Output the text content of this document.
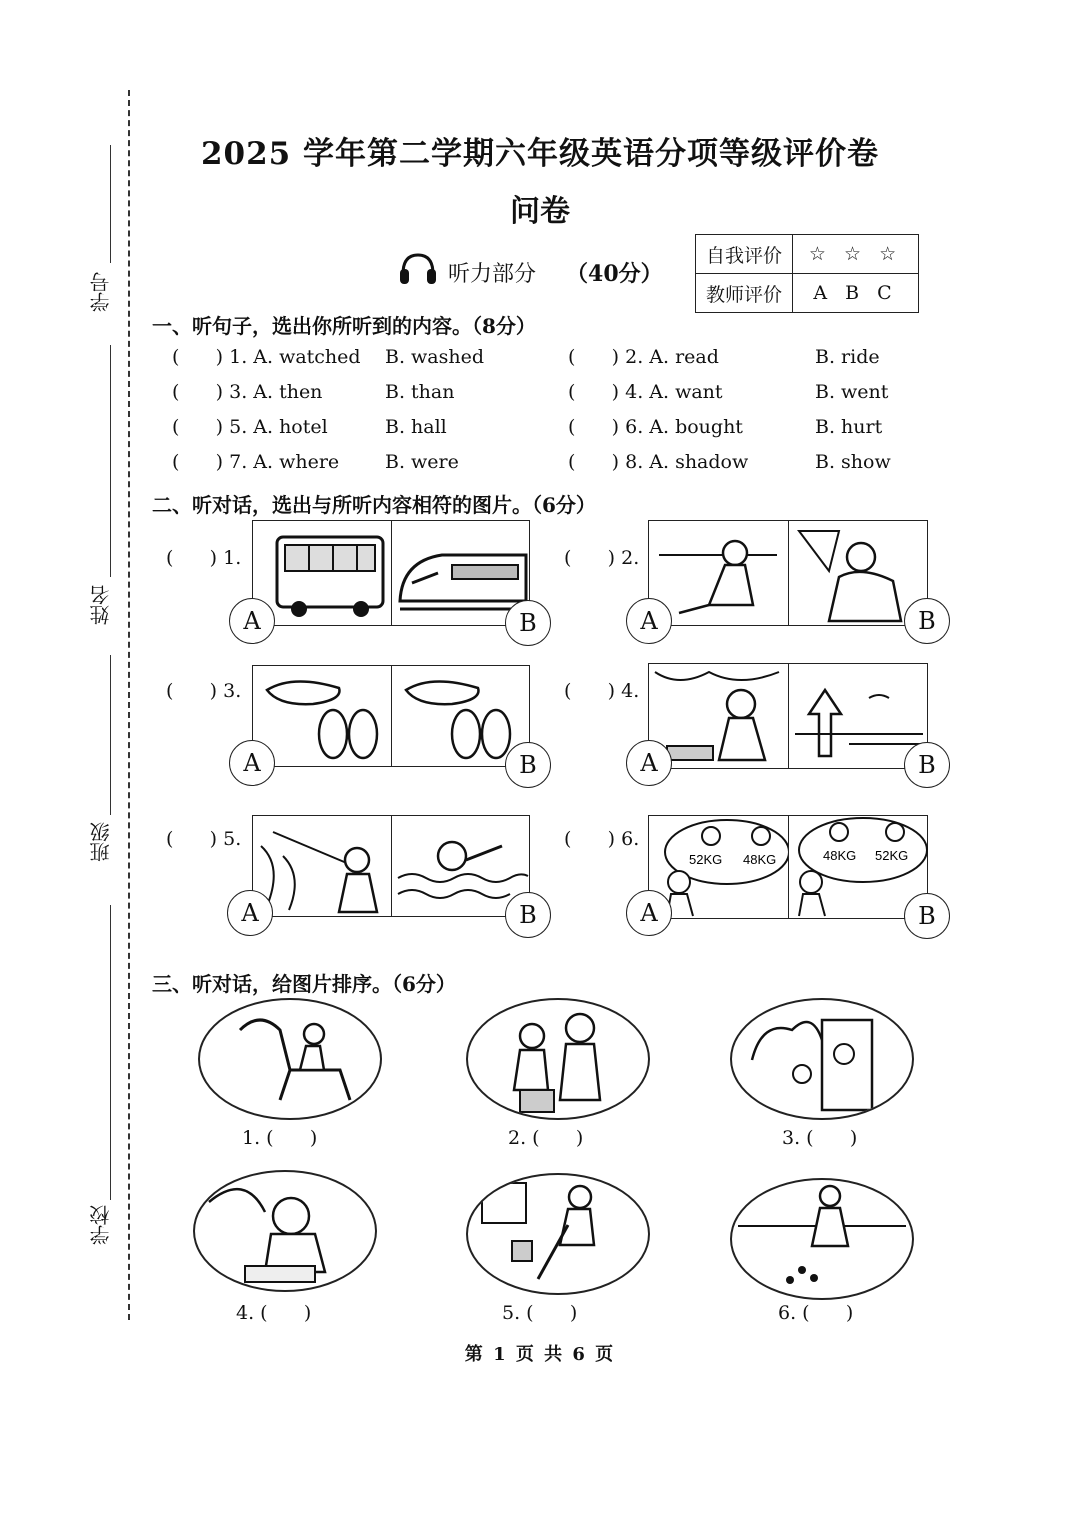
学号
姓名
班级
学校
2025 学年第二学期六年级英语分项等级评价卷
问卷
听力部分 （40分）
自我评价	☆ ☆ ☆
教师评价	A B C
一、听句子，选出你所听到的内容。（8分）
(      ) 1. A. watched B. washed	(      ) 2. A. read	B. ride
(      ) 3. A. then	B. than	(      ) 4. A. want	B. went
(      ) 5. A. hotel	B. hall	(      ) 6. A. bought	B. hurt
(      ) 7. A. where B. were	(      ) 8. A. shadow	B. show
二、听对话，选出与所听内容相符的图片。（6分）
(      ) 1.
A	B
(      ) 2.
A	B
(      ) 3.
A	B
(      ) 4.
A	B
(      ) 5.
A	B
(      ) 6.
52KG 48KG	48KG 52KG
A	B
三、听对话，给图片排序。（6分）
1. (      )	2. (      )	3. (      )
4. (      )	5. (      )	6. (      )
第 1 页 共 6 页
